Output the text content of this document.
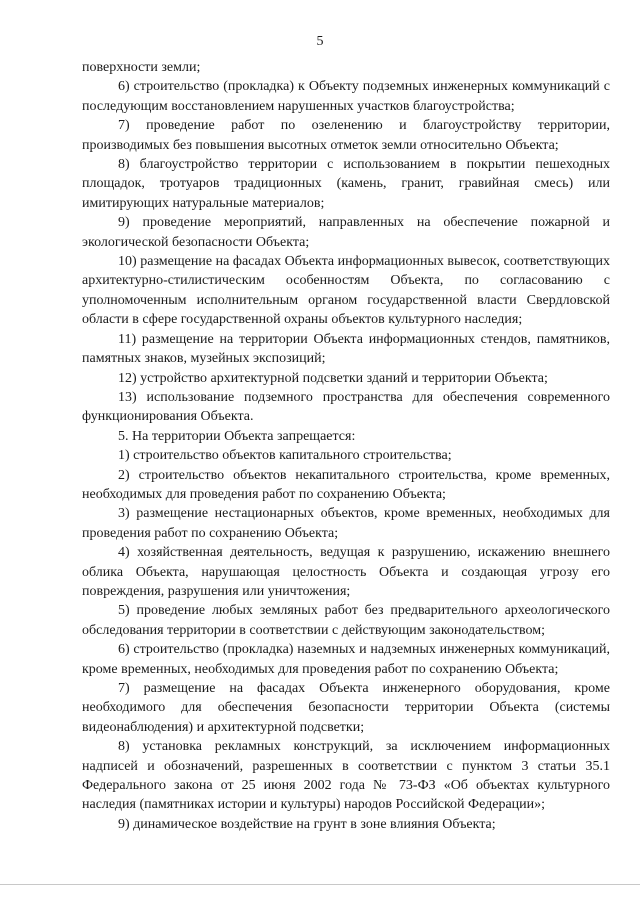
5

поверхности земли;

6) строительство (прокладка) к Объекту подземных инженерных коммуникаций с последующим восстановлением нарушенных участков благоустройства;

7) проведение работ по озеленению и благоустройству территории, производимых без повышения высотных отметок земли относительно Объекта;

8) благоустройство территории с использованием в покрытии пешеходных площадок, тротуаров традиционных (камень, гранит, гравийная смесь) или имитирующих натуральные материалов;

9) проведение мероприятий, направленных на обеспечение пожарной и экологической безопасности Объекта;

10) размещение на фасадах Объекта информационных вывесок, соответствующих архитектурно-стилистическим особенностям Объекта, по согласованию с уполномоченным исполнительным органом государственной власти Свердловской области в сфере государственной охраны объектов культурного наследия;

11) размещение на территории Объекта информационных стендов, памятников, памятных знаков, музейных экспозиций;

12) устройство архитектурной подсветки зданий и территории Объекта;

13) использование подземного пространства для обеспечения современного функционирования Объекта.

5. На территории Объекта запрещается:

1) строительство объектов капитального строительства;

2) строительство объектов некапитального строительства, кроме временных, необходимых для проведения работ по сохранению Объекта;

3) размещение нестационарных объектов, кроме временных, необходимых для проведения работ по сохранению Объекта;

4) хозяйственная деятельность, ведущая к разрушению, искажению внешнего облика Объекта, нарушающая целостность Объекта и создающая угрозу его повреждения, разрушения или уничтожения;

5) проведение любых земляных работ без предварительного археологического обследования территории в соответствии с действующим законодательством;

6) строительство (прокладка) наземных и надземных инженерных коммуникаций, кроме временных, необходимых для проведения работ по сохранению Объекта;

7) размещение на фасадах Объекта инженерного оборудования, кроме необходимого для обеспечения безопасности территории Объекта (системы видеонаблюдения) и архитектурной подсветки;

8) установка рекламных конструкций, за исключением информационных надписей и обозначений, разрешенных в соответствии с пунктом 3 статьи 35.1 Федерального закона от 25 июня 2002 года № 73-ФЗ «Об объектах культурного наследия (памятниках истории и культуры) народов Российской Федерации»;

9) динамическое воздействие на грунт в зоне влияния Объекта;
